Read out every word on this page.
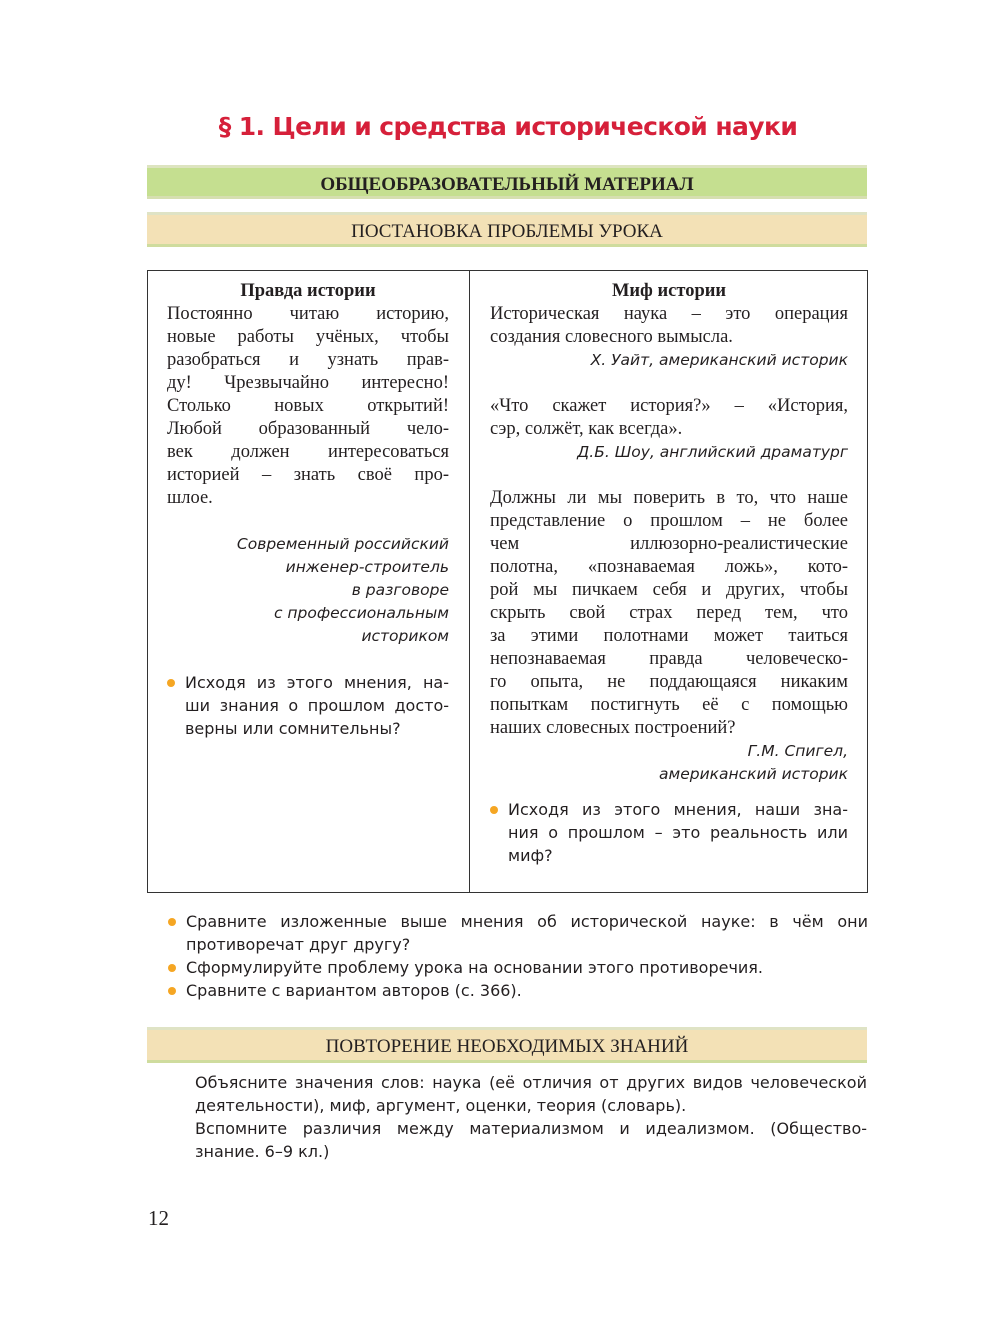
§ 1. Цели и средства исторической науки
ОБЩЕОБРАЗОВАТЕЛЬНЫЙ МАТЕРИАЛ
ПОСТАНОВКА ПРОБЛЕМЫ УРОКА
Правда истории
Постоянно читаю историю,
новые работы учёных, чтобы
разобраться и узнать прав-
ду! Чрезвычайно интересно!
Столько новых открытий!
Любой образованный чело-
век должен интересоваться
историей – знать своё про-
шлое.
Современный российский
инженер-строитель
в разговоре
с профессиональным
историком
Исходя из этого мнения, на-
ши знания о прошлом досто-
верны или сомнительны?
Миф истории
Историческая наука – это операция
создания словесного вымысла.
Х. Уайт, американский историк
«Что скажет история?» – «История,
сэр, солжёт, как всегда».
Д.Б. Шоу, английский драматург
Должны ли мы поверить в то, что наше
представление о прошлом – не более
чем иллюзорно-реалистические
полотна, «познаваемая ложь», кото-
рой мы пичкаем себя и других, чтобы
скрыть свой страх перед тем, что
за этими полотнами может таиться
непознаваемая правда человеческо-
го опыта, не поддающаяся никаким
попыткам постигнуть её с помощью
наших словесных построений?
Г.М. Спигел,
американский историк
Исходя из этого мнения, наши зна-
ния о прошлом – это реальность или
миф?
Сравните изложенные выше мнения об исторической науке: в чём они
противоречат друг другу?
Сформулируйте проблему урока на основании этого противоречия.
Сравните с вариантом авторов (с. 366).
ПОВТОРЕНИЕ НЕОБХОДИМЫХ ЗНАНИЙ
Объясните значения слов: наука (её отличия от других видов человеческой
деятельности), миф, аргумент, оценки, теория (словарь).
Вспомните различия между материализмом и идеализмом. (Общество-
знание. 6–9 кл.)
12
